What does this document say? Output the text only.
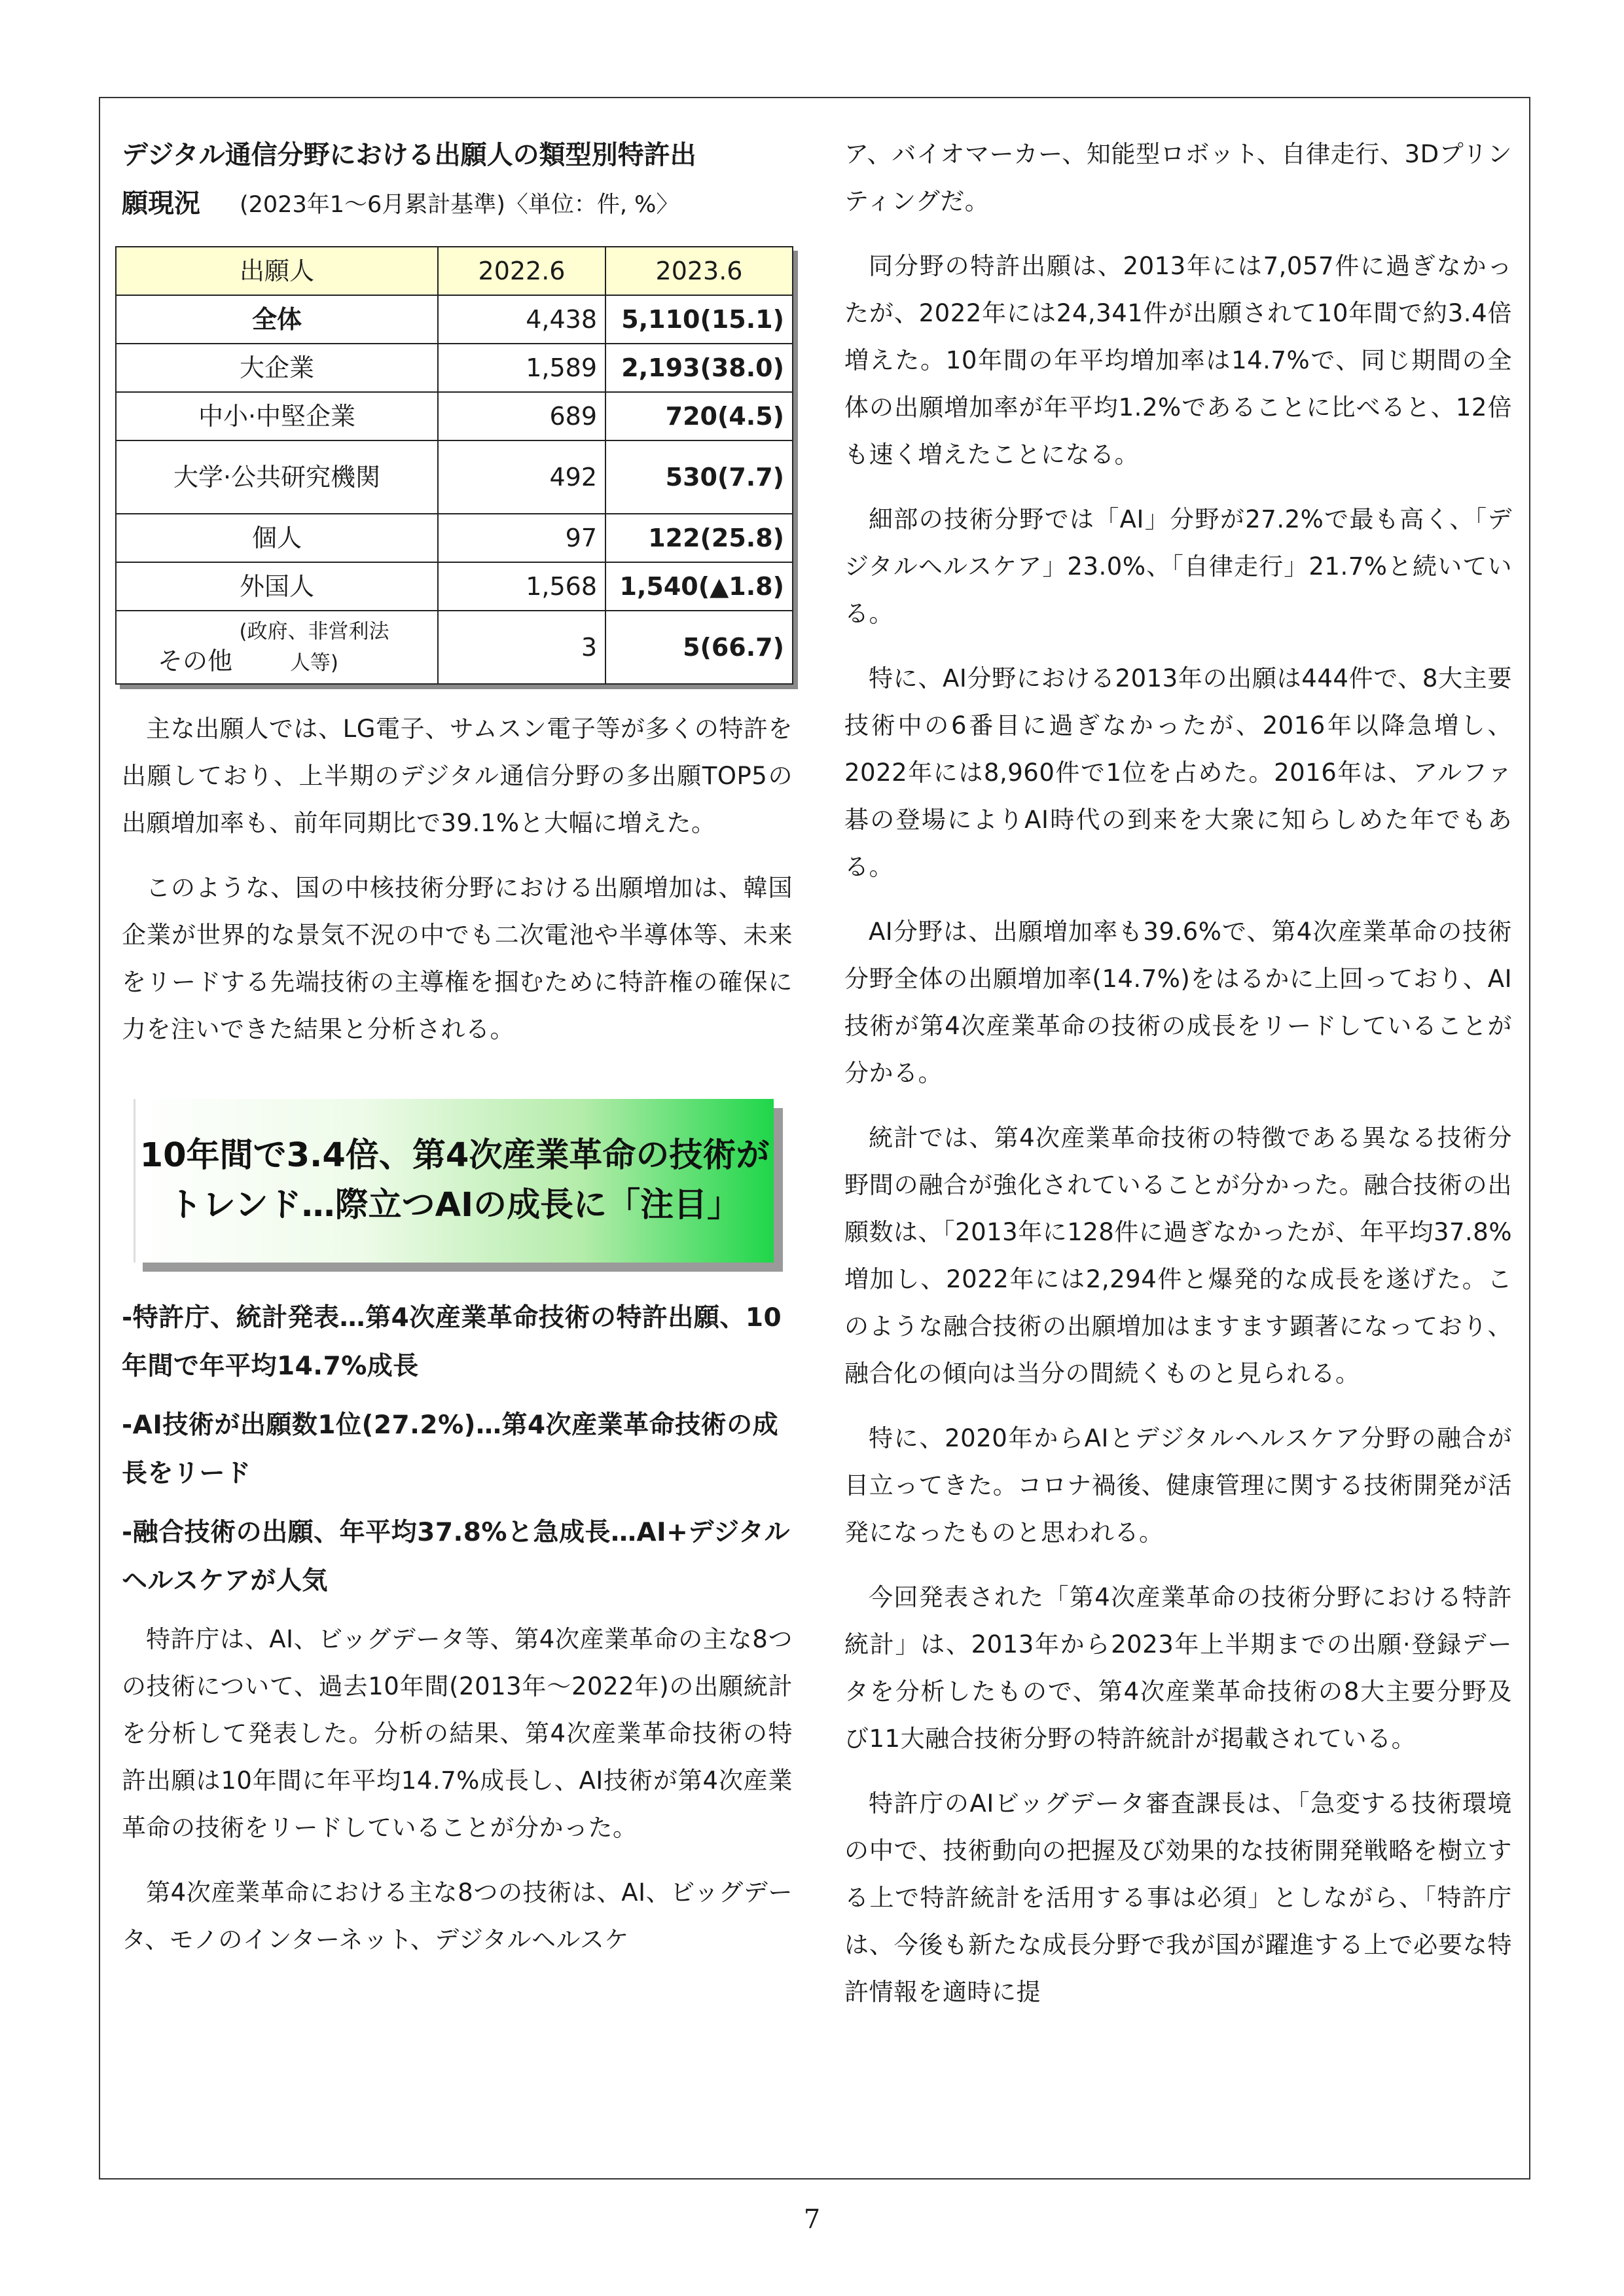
デジタル通信分野における出願人の類型別特許出

願現況 (2023年1～6月累計基準)〈単位：件, %〉

出願人	2022.6	2023.6
全体	4,438	5,110(15.1)
大企業	1,589	2,193(38.0)
中小·中堅企業	689	720(4.5)
大学·公共研究機関	492	530(7.7)
個人	97	122(25.8)
外国人	1,568	1,540(▲1.8)
その他(政府、非営利法人等)	3	5(66.7)

主な出願人では、LG電子、サムスン電子等が多くの特許を出願しており、上半期のデジタル通信分野の多出願TOP5の出願増加率も、前年同期比で39.1%と大幅に増えた。

このような、国の中核技術分野における出願増加は、韓国企業が世界的な景気不況の中でも二次電池や半導体等、未来をリードする先端技術の主導権を掴むために特許権の確保に力を注いできた結果と分析される。

10年間で3.4倍、第4次産業革命の技術が
トレンド…際立つAIの成長に「注目」

-特許庁、統計発表…第4次産業革命技術の特許出願、10年間で年平均14.7%成長

-AI技術が出願数1位(27.2%)…第4次産業革命技術の成長をリード

-融合技術の出願、年平均37.8%と急成長…AI+デジタルヘルスケアが人気

特許庁は、AI、ビッグデータ等、第4次産業革命の主な8つの技術について、過去10年間(2013年～2022年)の出願統計を分析して発表した。分析の結果、第4次産業革命技術の特許出願は10年間に年平均14.7%成長し、AI技術が第4次産業革命の技術をリードしていることが分かった。

第4次産業革命における主な8つの技術は、AI、ビッグデータ、モノのインターネット、デジタルヘルスケ

ア、バイオマーカー、知能型ロボット、自律走行、3Dプリンティングだ。

同分野の特許出願は、2013年には7,057件に過ぎなかったが、2022年には24,341件が出願されて10年間で約3.4倍増えた。10年間の年平均増加率は14.7%で、同じ期間の全体の出願増加率が年平均1.2%であることに比べると、12倍も速く増えたことになる。

細部の技術分野では「AI」分野が27.2%で最も高く、「デジタルヘルスケア」23.0%、「自律走行」21.7%と続いている。

特に、AI分野における2013年の出願は444件で、8大主要技術中の6番目に過ぎなかったが、2016年以降急増し、2022年には8,960件で1位を占めた。2016年は、アルファ碁の登場によりAI時代の到来を大衆に知らしめた年でもある。

AI分野は、出願増加率も39.6%で、第4次産業革命の技術分野全体の出願増加率(14.7%)をはるかに上回っており、AI技術が第4次産業革命の技術の成長をリードしていることが分かる。

統計では、第4次産業革命技術の特徴である異なる技術分野間の融合が強化されていることが分かった。融合技術の出願数は、「2013年に128件に過ぎなかったが、年平均37.8%増加し、2022年には2,294件と爆発的な成長を遂げた。このような融合技術の出願増加はますます顕著になっており、融合化の傾向は当分の間続くものと見られる。

特に、2020年からAIとデジタルヘルスケア分野の融合が目立ってきた。コロナ禍後、健康管理に関する技術開発が活発になったものと思われる。

今回発表された「第4次産業革命の技術分野における特許統計」は、2013年から2023年上半期までの出願·登録データを分析したもので、第4次産業革命技術の8大主要分野及び11大融合技術分野の特許統計が掲載されている。

特許庁のAIビッグデータ審査課長は、「急変する技術環境の中で、技術動向の把握及び効果的な技術開発戦略を樹立する上で特許統計を活用する事は必須」としながら、「特許庁は、今後も新たな成長分野で我が国が躍進する上で必要な特許情報を適時に提

7
